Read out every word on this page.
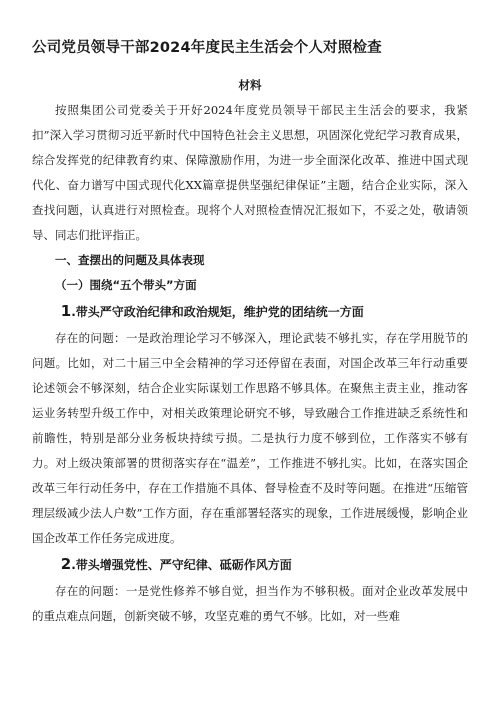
公司党员领导干部2024年度民主生活会个人对照检查
材料

按照集团公司党委关于开好2024年度党员领导干部民主生活会的要求，我紧扣”深入学习贯彻习近平新时代中国特色社会主义思想，巩固深化党纪学习教育成果，综合发挥党的纪律教育约束、保障激励作用，为进一步全面深化改革、推进中国式现代化、奋力谱写中国式现代化XX篇章提供坚强纪律保证”主题，结合企业实际，深入查找问题，认真进行对照检查。现将个人对照检查情况汇报如下，不妥之处，敬请领导、同志们批评指正。

一、查摆出的问题及具体表现
（一）围绕“五个带头”方面
1.带头严守政治纪律和政治规矩，维护党的团结统一方面

存在的问题：一是政治理论学习不够深入，理论武装不够扎实，存在学用脱节的问题。比如，对二十届三中全会精神的学习还停留在表面，对国企改革三年行动重要论述领会不够深刻，结合企业实际谋划工作思路不够具体。在聚焦主责主业，推动客运业务转型升级工作中，对相关政策理论研究不够，导致融合工作推进缺乏系统性和前瞻性，特别是部分业务板块持续亏损。二是执行力度不够到位，工作落实不够有力。对上级决策部署的贯彻落实存在“温差”，工作推进不够扎实。比如，在落实国企改革三年行动任务中，存在工作措施不具体、督导检查不及时等问题。在推进“压缩管理层级减少法人户数”工作方面，存在重部署轻落实的现象，工作进展缓慢，影响企业国企改革工作任务完成进度。

2.带头增强党性、严守纪律、砥砺作风方面

存在的问题：一是党性修养不够自觉，担当作为不够积极。面对企业改革发展中的重点难点问题，创新突破不够，攻坚克难的勇气不够。比如，对一些难
